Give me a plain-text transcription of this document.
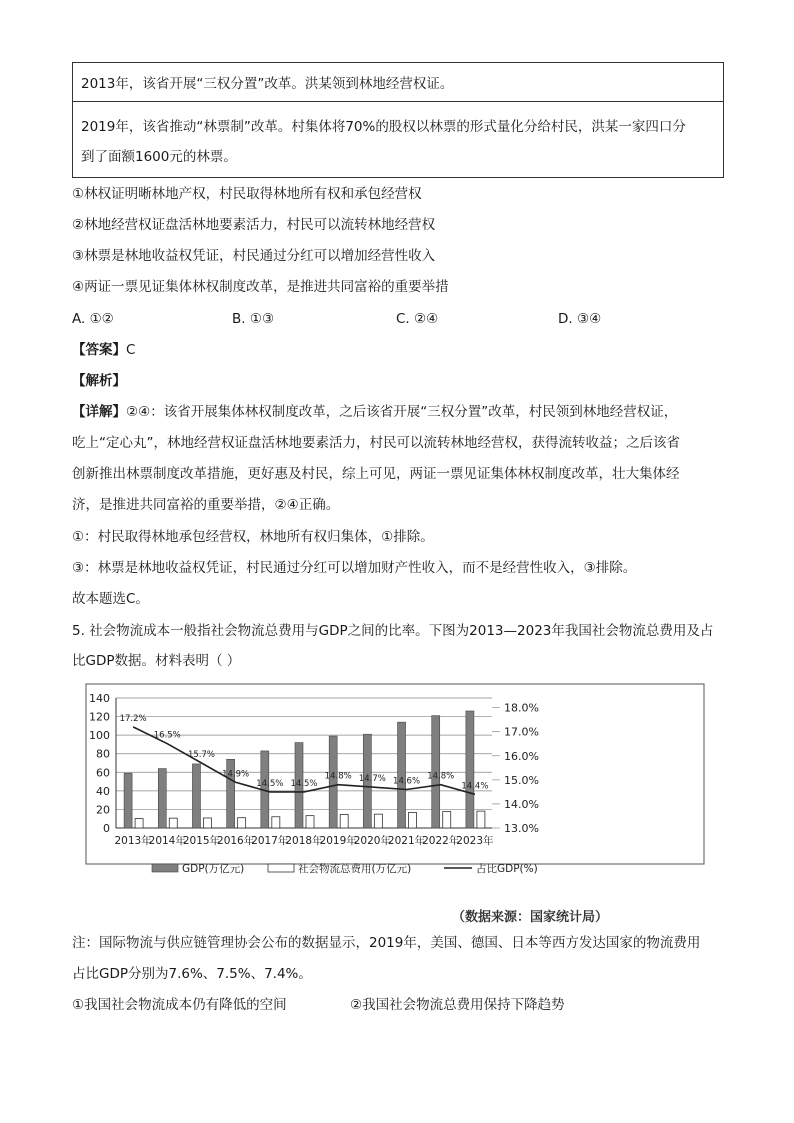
2013年，该省开展“三权分置”改革。洪某领到林地经营权证。
2019年，该省推动“林票制”改革。村集体将70%的股权以林票的形式量化分给村民，洪某一家四口分
到了面额1600元的林票。
①林权证明晰林地产权，村民取得林地所有权和承包经营权
②林地经营权证盘活林地要素活力，村民可以流转林地经营权
③林票是林地收益权凭证，村民通过分红可以增加经营性收入
④两证一票见证集体林权制度改革，是推进共同富裕的重要举措
A. ①②	B. ①③	C. ②④	D. ③④
【答案】C
【解析】
【详解】②④：该省开展集体林权制度改革，之后该省开展“三权分置”改革，村民领到林地经营权证，
吃上“定心丸”，林地经营权证盘活林地要素活力，村民可以流转林地经营权，获得流转收益；之后该省
创新推出林票制度改革措施，更好惠及村民，综上可见，两证一票见证集体林权制度改革，壮大集体经
济，是推进共同富裕的重要举措，②④正确。
①：村民取得林地承包经营权，林地所有权归集体，①排除。
③：林票是林地收益权凭证，村民通过分红可以增加财产性收入，而不是经营性收入，③排除。
故本题选C。
5. 社会物流成本一般指社会物流总费用与GDP之间的比率。下图为2013—2023年我国社会物流总费用及占
比GDP数据。材料表明（ ）
0
20
40
60
80
100
120
140
13.0%
14.0%
15.0%
16.0%
17.0%
18.0%
2013年
2014年
2015年
2016年
2017年
2018年
2019年
2020年
2021年
2022年
2023年
17.2%
16.5%
15.7%
14.9%
14.5% 14.5%
14.8% 14.7% 14.6% 14.8%
14.4%
GDP(万亿元)	社会物流总费用(万亿元)	占比GDP(%)
（数据来源：国家统计局）
注：国际物流与供应链管理协会公布的数据显示，2019年，美国、德国、日本等西方发达国家的物流费用
占比GDP分别为7.6%、7.5%、7.4%。
①我国社会物流成本仍有降低的空间	②我国社会物流总费用保持下降趋势
